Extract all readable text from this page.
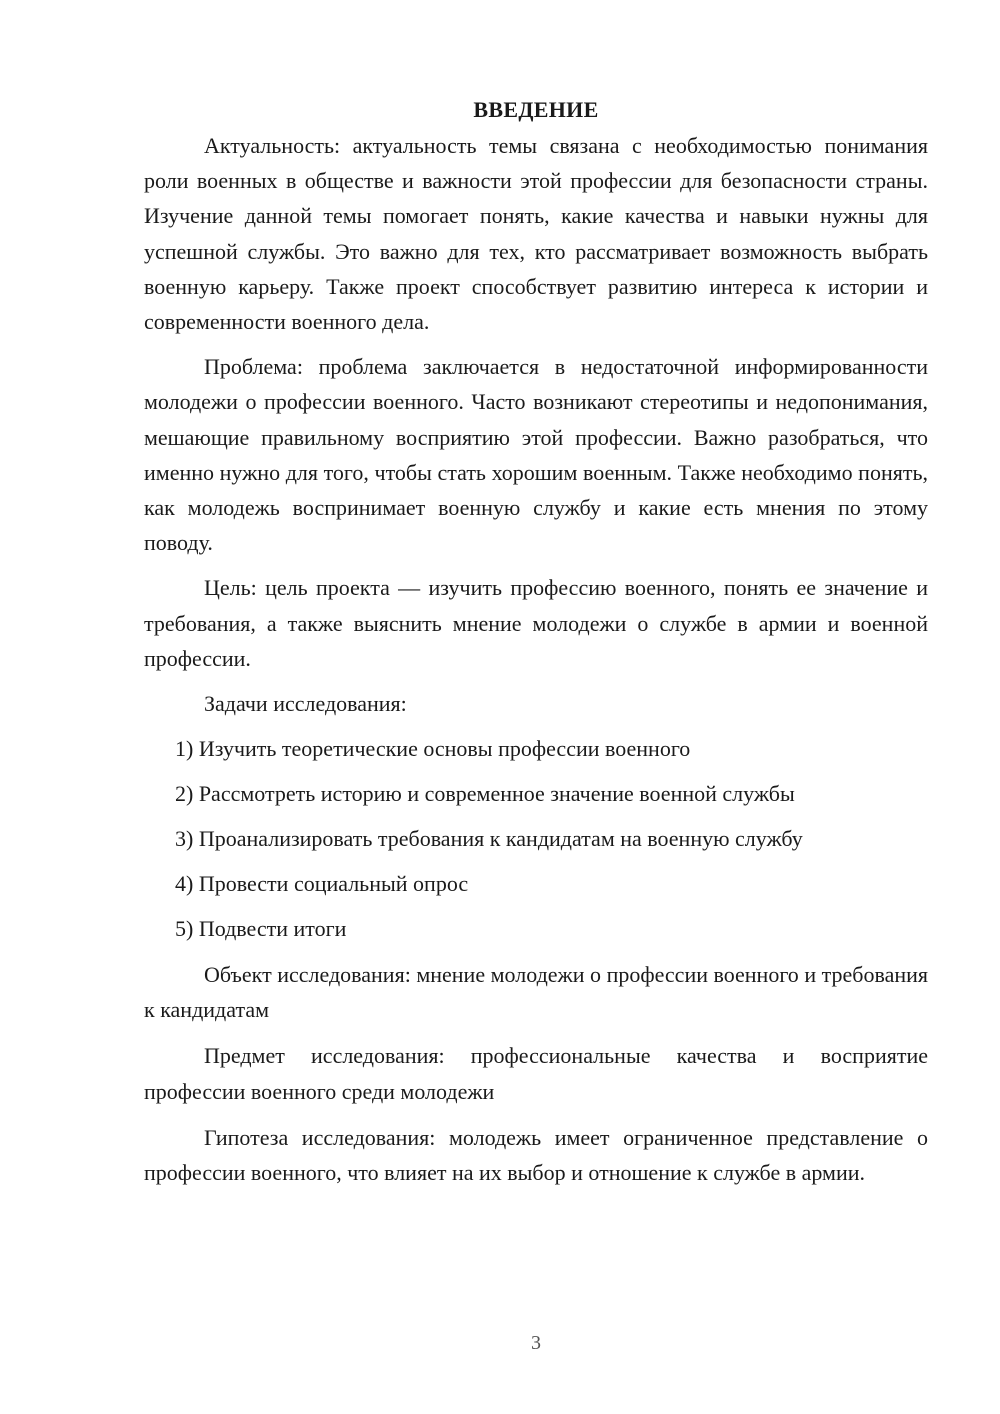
ВВЕДЕНИЕ

Актуальность: актуальность темы связана с необходимостью понимания роли военных в обществе и важности этой профессии для безопасности страны. Изучение данной темы помогает понять, какие качества и навыки нужны для успешной службы. Это важно для тех, кто рассматривает возможность выбрать военную карьеру. Также проект способствует развитию интереса к истории и современности военного дела.

Проблема: проблема заключается в недостаточной информированности молодежи о профессии военного. Часто возникают стереотипы и недопонимания, мешающие правильному восприятию этой профессии. Важно разобраться, что именно нужно для того, чтобы стать хорошим военным. Также необходимо понять, как молодежь воспринимает военную службу и какие есть мнения по этому поводу.

Цель: цель проекта — изучить профессию военного, понять ее значение и требования, а также выяснить мнение молодежи о службе в армии и военной профессии.

Задачи исследования:

1) Изучить теоретические основы профессии военного
2) Рассмотреть историю и современное значение военной службы
3) Проанализировать требования к кандидатам на военную службу
4) Провести социальный опрос
5) Подвести итоги

Объект исследования: мнение молодежи о профессии военного и требования к кандидатам

Предмет исследования: профессиональные качества и восприятие профессии военного среди молодежи

Гипотеза исследования: молодежь имеет ограниченное представление о профессии военного, что влияет на их выбор и отношение к службе в армии.

3
